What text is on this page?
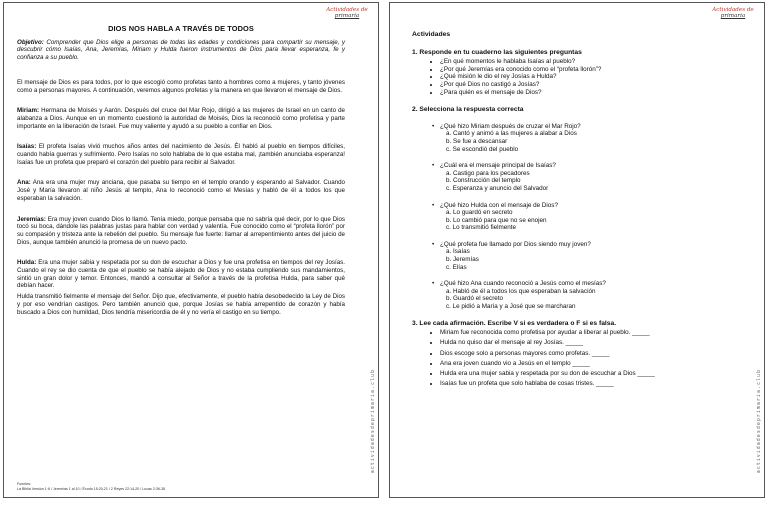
Actividades de
primaria
DIOS NOS HABLA A TRAVÉS DE TODOS

Objetivo: Comprender que Dios elige a personas de todas las edades y condiciones para compartir su mensaje, y descubrir cómo Isaías, Ana, Jeremías, Miriam y Hulda fueron instrumentos de Dios para llevar esperanza, fe y confianza a su pueblo.

El mensaje de Dios es para todos, por lo que escogió como profetas tanto a hombres como a mujeres, y tanto jóvenes como a personas mayores. A continuación, veremos algunos profetas y la manera en que llevaron el mensaje de Dios.

Miriam: Hermana de Moisés y Aarón. Después del cruce del Mar Rojo, dirigió a las mujeres de Israel en un canto de alabanza a Dios. Aunque en un momento cuestionó la autoridad de Moisés, Dios la reconoció como profetisa y parte importante en la liberación de Israel. Fue muy valiente y ayudó a su pueblo a confiar en Dios.

Isaías: El profeta Isaías vivió muchos años antes del nacimiento de Jesús. Él habló al pueblo en tiempos difíciles, cuando había guerras y sufrimiento. Pero Isaías no solo hablaba de lo que estaba mal, ¡también anunciaba esperanza! Isaías fue un profeta que preparó el corazón del pueblo para recibir al Salvador.

Ana: Ana era una mujer muy anciana, que pasaba su tiempo en el templo orando y esperando al Salvador. Cuando José y María llevaron al niño Jesús al templo, Ana lo reconoció como el Mesías y habló de él a todos los que esperaban la salvación.

Jeremías: Era muy joven cuando Dios lo llamó. Tenía miedo, porque pensaba que no sabría qué decir, por lo que Dios tocó su boca, dándole las palabras justas para hablar con verdad y valentía. Fue conocido como el “profeta llorón” por su compasión y tristeza ante la rebelión del pueblo. Su mensaje fue fuerte: llamar al arrepentimiento antes del juicio de Dios, aunque también anunció la promesa de un nuevo pacto.

Hulda: Era una mujer sabia y respetada por su don de escuchar a Dios y fue una profetisa en tiempos del rey Josías. Cuando el rey se dio cuenta de que el pueblo se había alejado de Dios y no estaba cumpliendo sus mandamientos, sintió un gran dolor y temor. Entonces, mandó a consultar al Señor a través de la profetisa Hulda, para saber qué debían hacer.

Hulda transmitió fielmente el mensaje del Señor. Dijo que, efectivamente, el pueblo había desobedecido la Ley de Dios y por eso vendrían castigos. Pero también anunció que, porque Josías se había arrepentido de corazón y había buscado a Dios con humildad, Dios tendría misericordia de él y no vería el castigo en su tiempo.

Fuentes:
La Biblia Versión 1·6 / Jeremías 1 al 10 / Éxodo 15:20-21 / 2 Reyes 22:14-20 / Lucas 2:36-38
actividadesdeprimaria.club
Actividades de
primaria
Actividades
1. Responde en tu cuaderno las siguientes preguntas
• ¿En qué momentos le hablaba Isaías al pueblo?
• ¿Por qué Jeremías era conocido como el “profeta llorón”?
• ¿Qué misión le dio el rey Josías a Hulda?
• ¿Por qué Dios no castigó a Josías?
• ¿Para quién es el mensaje de Dios?
2. Selecciona la respuesta correcta
• ¿Qué hizo Miriam después de cruzar el Mar Rojo?
a. Cantó y animó a las mujeres a alabar a Dios
b. Se fue a descansar
c. Se escondió del pueblo
• ¿Cuál era el mensaje principal de Isaías?
a. Castigo para los pecadores
b. Construcción del templo
c. Esperanza y anuncio del Salvador
• ¿Qué hizo Hulda con el mensaje de Dios?
a. Lo guardó en secreto
b. Lo cambió para que no se enojen
c. Lo transmitió fielmente
• ¿Qué profeta fue llamado por Dios siendo muy joven?
a. Isaías
b. Jeremías
c. Elías
• ¿Qué hizo Ana cuando reconoció a Jesús como el mesías?
a. Habló de él a todos los que esperaban la salvación
b. Guardó el secreto
c. Le pidió a María y a José que se marcharan
3. Lee cada afirmación. Escribe V si es verdadera o F si es falsa.
• Miriam fue reconocida como profetisa por ayudar a liberar al pueblo. _____
• Hulda no quiso dar el mensaje al rey Josías. _____
• Dios escoge solo a personas mayores como profetas. _____
• Ana era joven cuando vio a Jesús en el templo _____
• Hulda era una mujer sabia y respetada por su don de escuchar a Dios _____
• Isaías fue un profeta que solo hablaba de cosas tristes. _____	actividadesdeprimaria.club
